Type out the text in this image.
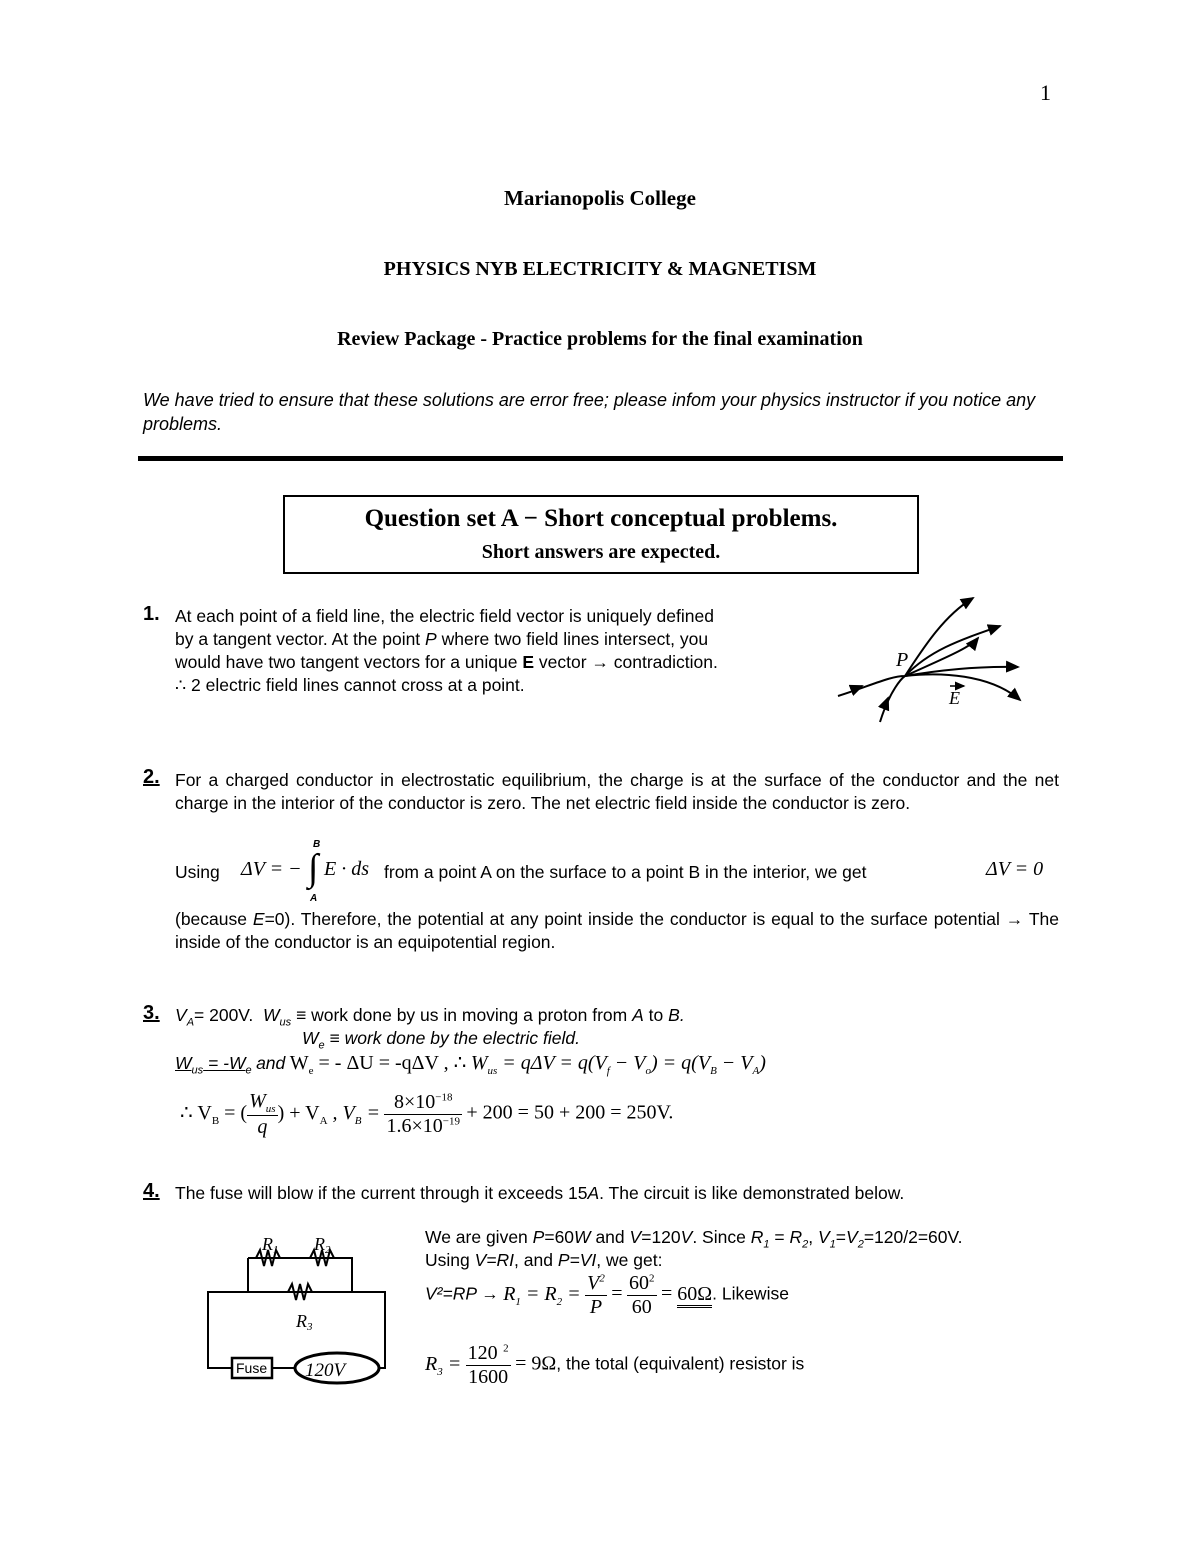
1
Marianopolis College
PHYSICS NYB ELECTRICITY & MAGNETISM
Review Package - Practice problems for the final examination
We have tried to ensure that these solutions are error free; please infom your physics instructor if you notice any problems.
Question set A − Short conceptual problems.
Short answers are expected.
1. At each point of a field line, the electric field vector is uniquely defined
by a tangent vector. At the point P where two field lines intersect, you
would have two tangent vectors for a unique E vector → contradiction.
∴ 2 electric field lines cannot cross at a point.
P
E
2. For a charged conductor in electrostatic equilibrium, the charge is at the surface of the conductor and the net charge in the interior of the conductor is zero. The net electric field inside the conductor is zero.
Using ΔV = − ∫
B
A
E · ds from a point A on the surface to a point B in the interior, we get	ΔV = 0
(because E=0). Therefore, the potential at any point inside the conductor is equal to the surface potential → The inside of the conductor is an equipotential region.
3. $V_A= 200V$. $W_{us}$ ≡ work done by us in moving a proton from A to B.
$W_e$ ≡ work done by the electric field.
$W_{us} = -W_e$ and $W_e$ = - ΔU = -qΔV , ∴ $W_{us} = q\Delta V = q(V_f - V_o) = q(V_B - V_A)$
∴ $V_B$ = ( $\frac{W_{us}}{q}$ ) + $V_A$ , $V_B = \frac{8\times 10^{-18}}{1.6\times 10^{-19}} + 200 = 50 + 200 = 250V$.
4. The fuse will blow if the current through it exceeds 15A. The circuit is like demonstrated below.
R1 R2
R3
Fuse 120V
We are given P=60W and V=120V. Since $R_1 = R_2$, $V_1=V_2=120/2=60V$.
Using V=RI, and P=VI, we get:
$V^2=RP \to R_1 = R_2 = \frac{V^2}{P} = \frac{60^2}{60} = 60\Omega$. Likewise
$R_3 = \frac{120 ^2}{1600} = 9\Omega$, the total (equivalent) resistor is
